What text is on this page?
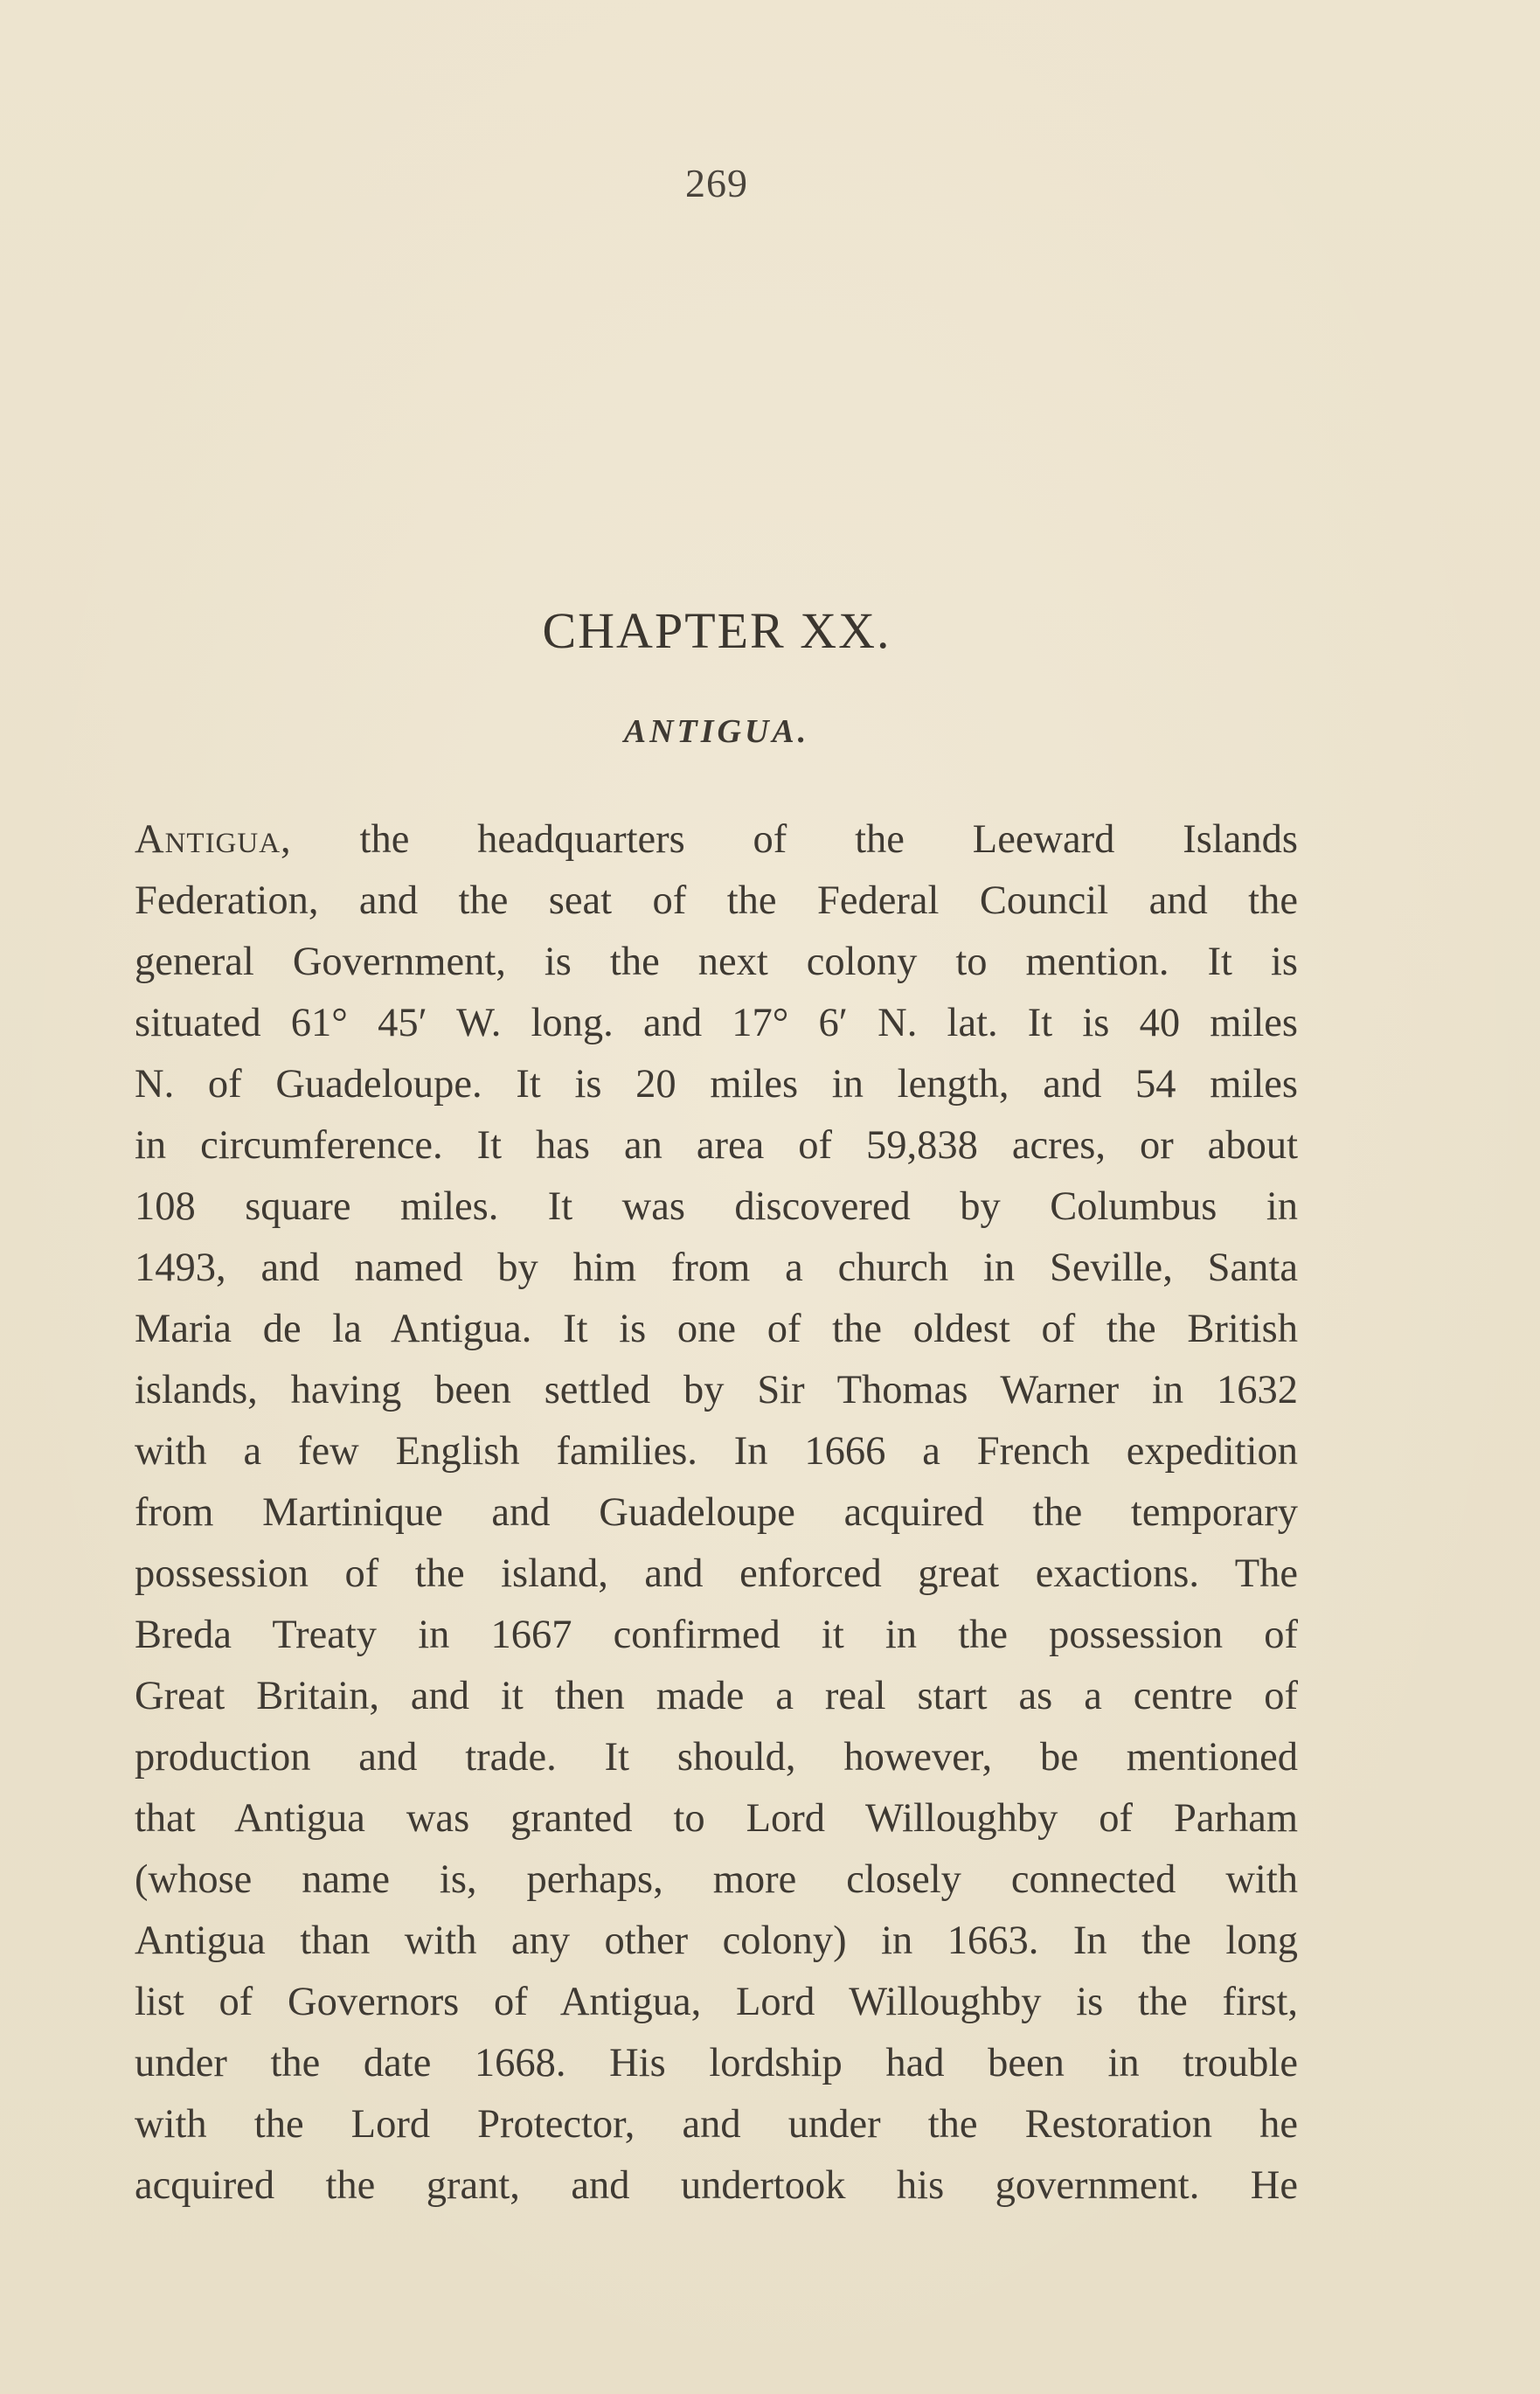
269
CHAPTER XX.
ANTIGUA.
Antigua, the headquarters of the Leeward Islands
Federation, and the seat of the Federal Council and the
general Government, is the next colony to mention. It is
situated 61° 45′ W. long. and 17° 6′ N. lat. It is 40 miles
N. of Guadeloupe. It is 20 miles in length, and 54 miles
in circumference. It has an area of 59,838 acres, or about
108 square miles. It was discovered by Columbus in
1493, and named by him from a church in Seville, Santa
Maria de la Antigua. It is one of the oldest of the British
islands, having been settled by Sir Thomas Warner in 1632
with a few English families. In 1666 a French expedition
from Martinique and Guadeloupe acquired the temporary
possession of the island, and enforced great exactions. The
Breda Treaty in 1667 confirmed it in the possession of
Great Britain, and it then made a real start as a centre of
production and trade. It should, however, be mentioned
that Antigua was granted to Lord Willoughby of Parham
(whose name is, perhaps, more closely connected with
Antigua than with any other colony) in 1663. In the long
list of Governors of Antigua, Lord Willoughby is the first,
under the date 1668. His lordship had been in trouble
with the Lord Protector, and under the Restoration he
acquired the grant, and undertook his government. He
